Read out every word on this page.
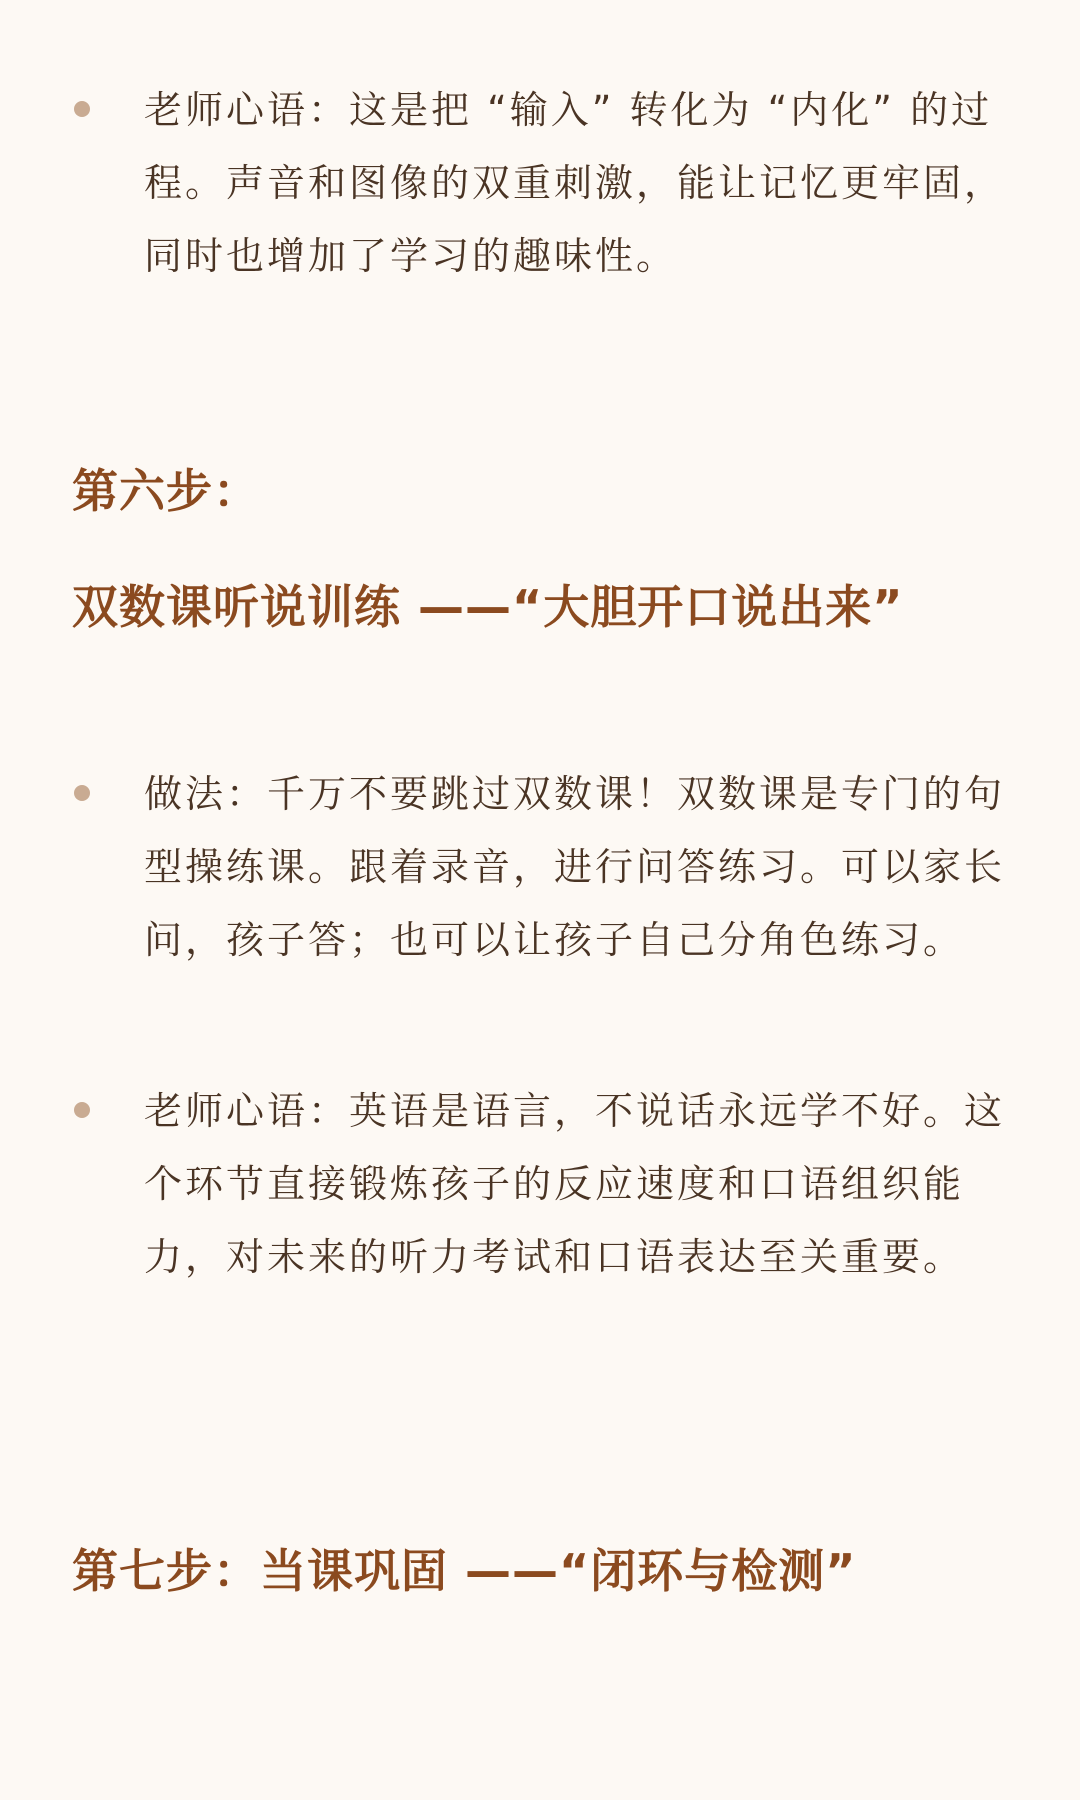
老师心语：这是把 “输入” 转化为 “内化” 的过程。声音和图像的双重刺激，能让记忆更牢固，同时也增加了学习的趣味性。
第六步：
双数课听说训练 ——“大胆开口说出来”
做法：千万不要跳过双数课！双数课是专门的句型操练课。跟着录音，进行问答练习。可以家长问，孩子答；也可以让孩子自己分角色练习。
老师心语：英语是语言，不说话永远学不好。这个环节直接锻炼孩子的反应速度和口语组织能力，对未来的听力考试和口语表达至关重要。
第七步：当课巩固 ——“闭环与检测”
